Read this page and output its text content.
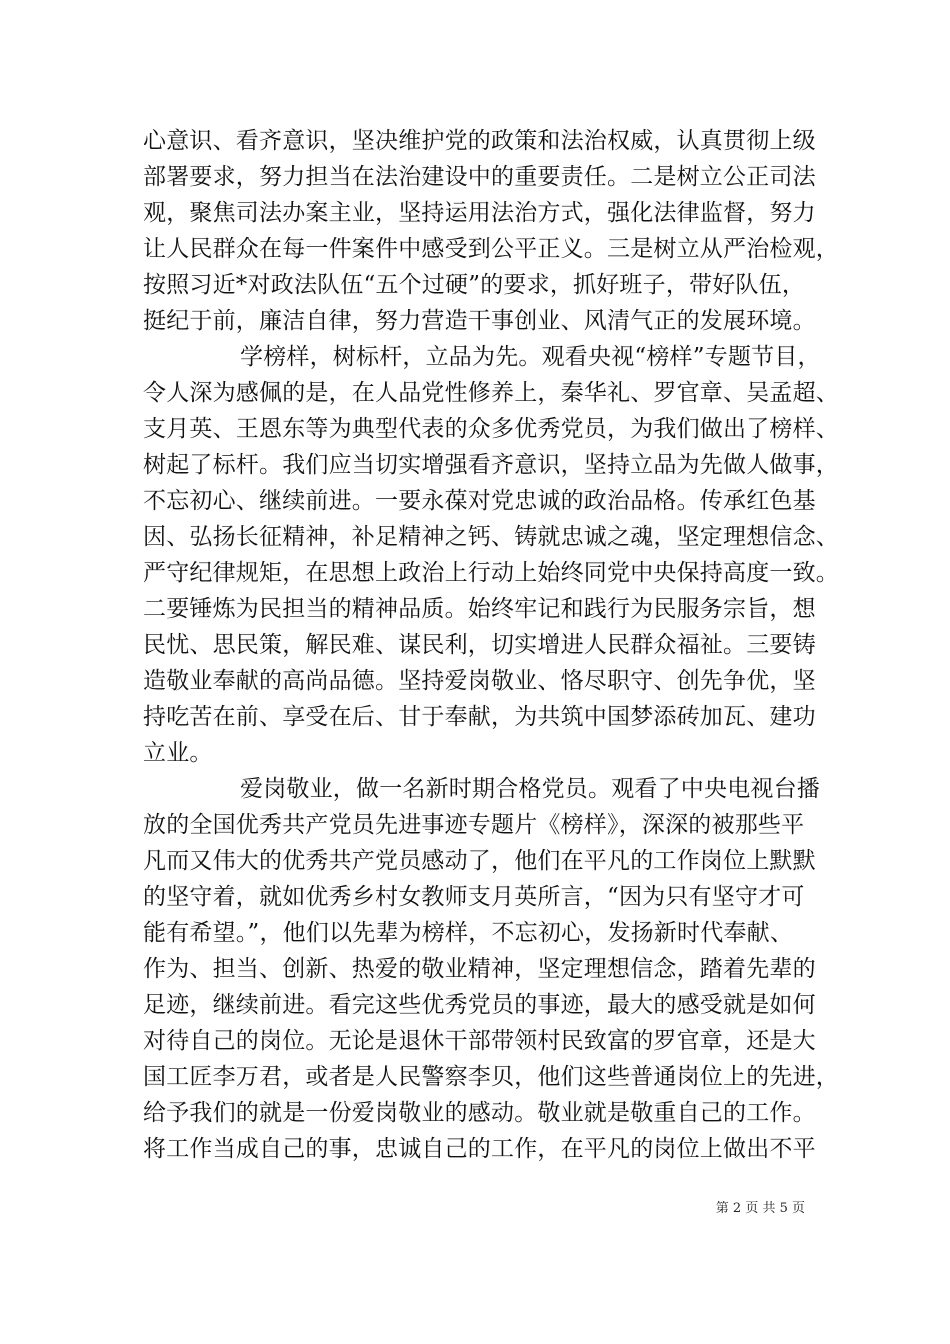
心意识、看齐意识，坚决维护党的政策和法治权威，认真贯彻上级
部署要求，努力担当在法治建设中的重要责任。二是树立公正司法
观，聚焦司法办案主业，坚持运用法治方式，强化法律监督，努力
让人民群众在每一件案件中感受到公平正义。三是树立从严治检观，
按照习近*对政法队伍“五个过硬”的要求，抓好班子，带好队伍，
挺纪于前，廉洁自律，努力营造干事创业、风清气正的发展环境。
学榜样，树标杆，立品为先。观看央视“榜样”专题节目，
令人深为感佩的是，在人品党性修养上，秦华礼、罗官章、吴孟超、
支月英、王恩东等为典型代表的众多优秀党员，为我们做出了榜样、
树起了标杆。我们应当切实增强看齐意识，坚持立品为先做人做事，
不忘初心、继续前进。一要永葆对党忠诚的政治品格。传承红色基
因、弘扬长征精神，补足精神之钙、铸就忠诚之魂，坚定理想信念、
严守纪律规矩，在思想上政治上行动上始终同党中央保持高度一致。
二要锤炼为民担当的精神品质。始终牢记和践行为民服务宗旨，想
民忧、思民策，解民难、谋民利，切实增进人民群众福祉。三要铸
造敬业奉献的高尚品德。坚持爱岗敬业、恪尽职守、创先争优，坚
持吃苦在前、享受在后、甘于奉献，为共筑中国梦添砖加瓦、建功
立业。
爱岗敬业，做一名新时期合格党员。观看了中央电视台播
放的全国优秀共产党员先进事迹专题片《榜样》，深深的被那些平
凡而又伟大的优秀共产党员感动了，他们在平凡的工作岗位上默默
的坚守着，就如优秀乡村女教师支月英所言，“因为只有坚守才可
能有希望。”，他们以先辈为榜样，不忘初心，发扬新时代奉献、
作为、担当、创新、热爱的敬业精神，坚定理想信念，踏着先辈的
足迹，继续前进。看完这些优秀党员的事迹，最大的感受就是如何
对待自己的岗位。无论是退休干部带领村民致富的罗官章，还是大
国工匠李万君，或者是人民警察李贝，他们这些普通岗位上的先进，
给予我们的就是一份爱岗敬业的感动。敬业就是敬重自己的工作。
将工作当成自己的事，忠诚自己的工作，在平凡的岗位上做出不平
第 2 页 共 5 页
